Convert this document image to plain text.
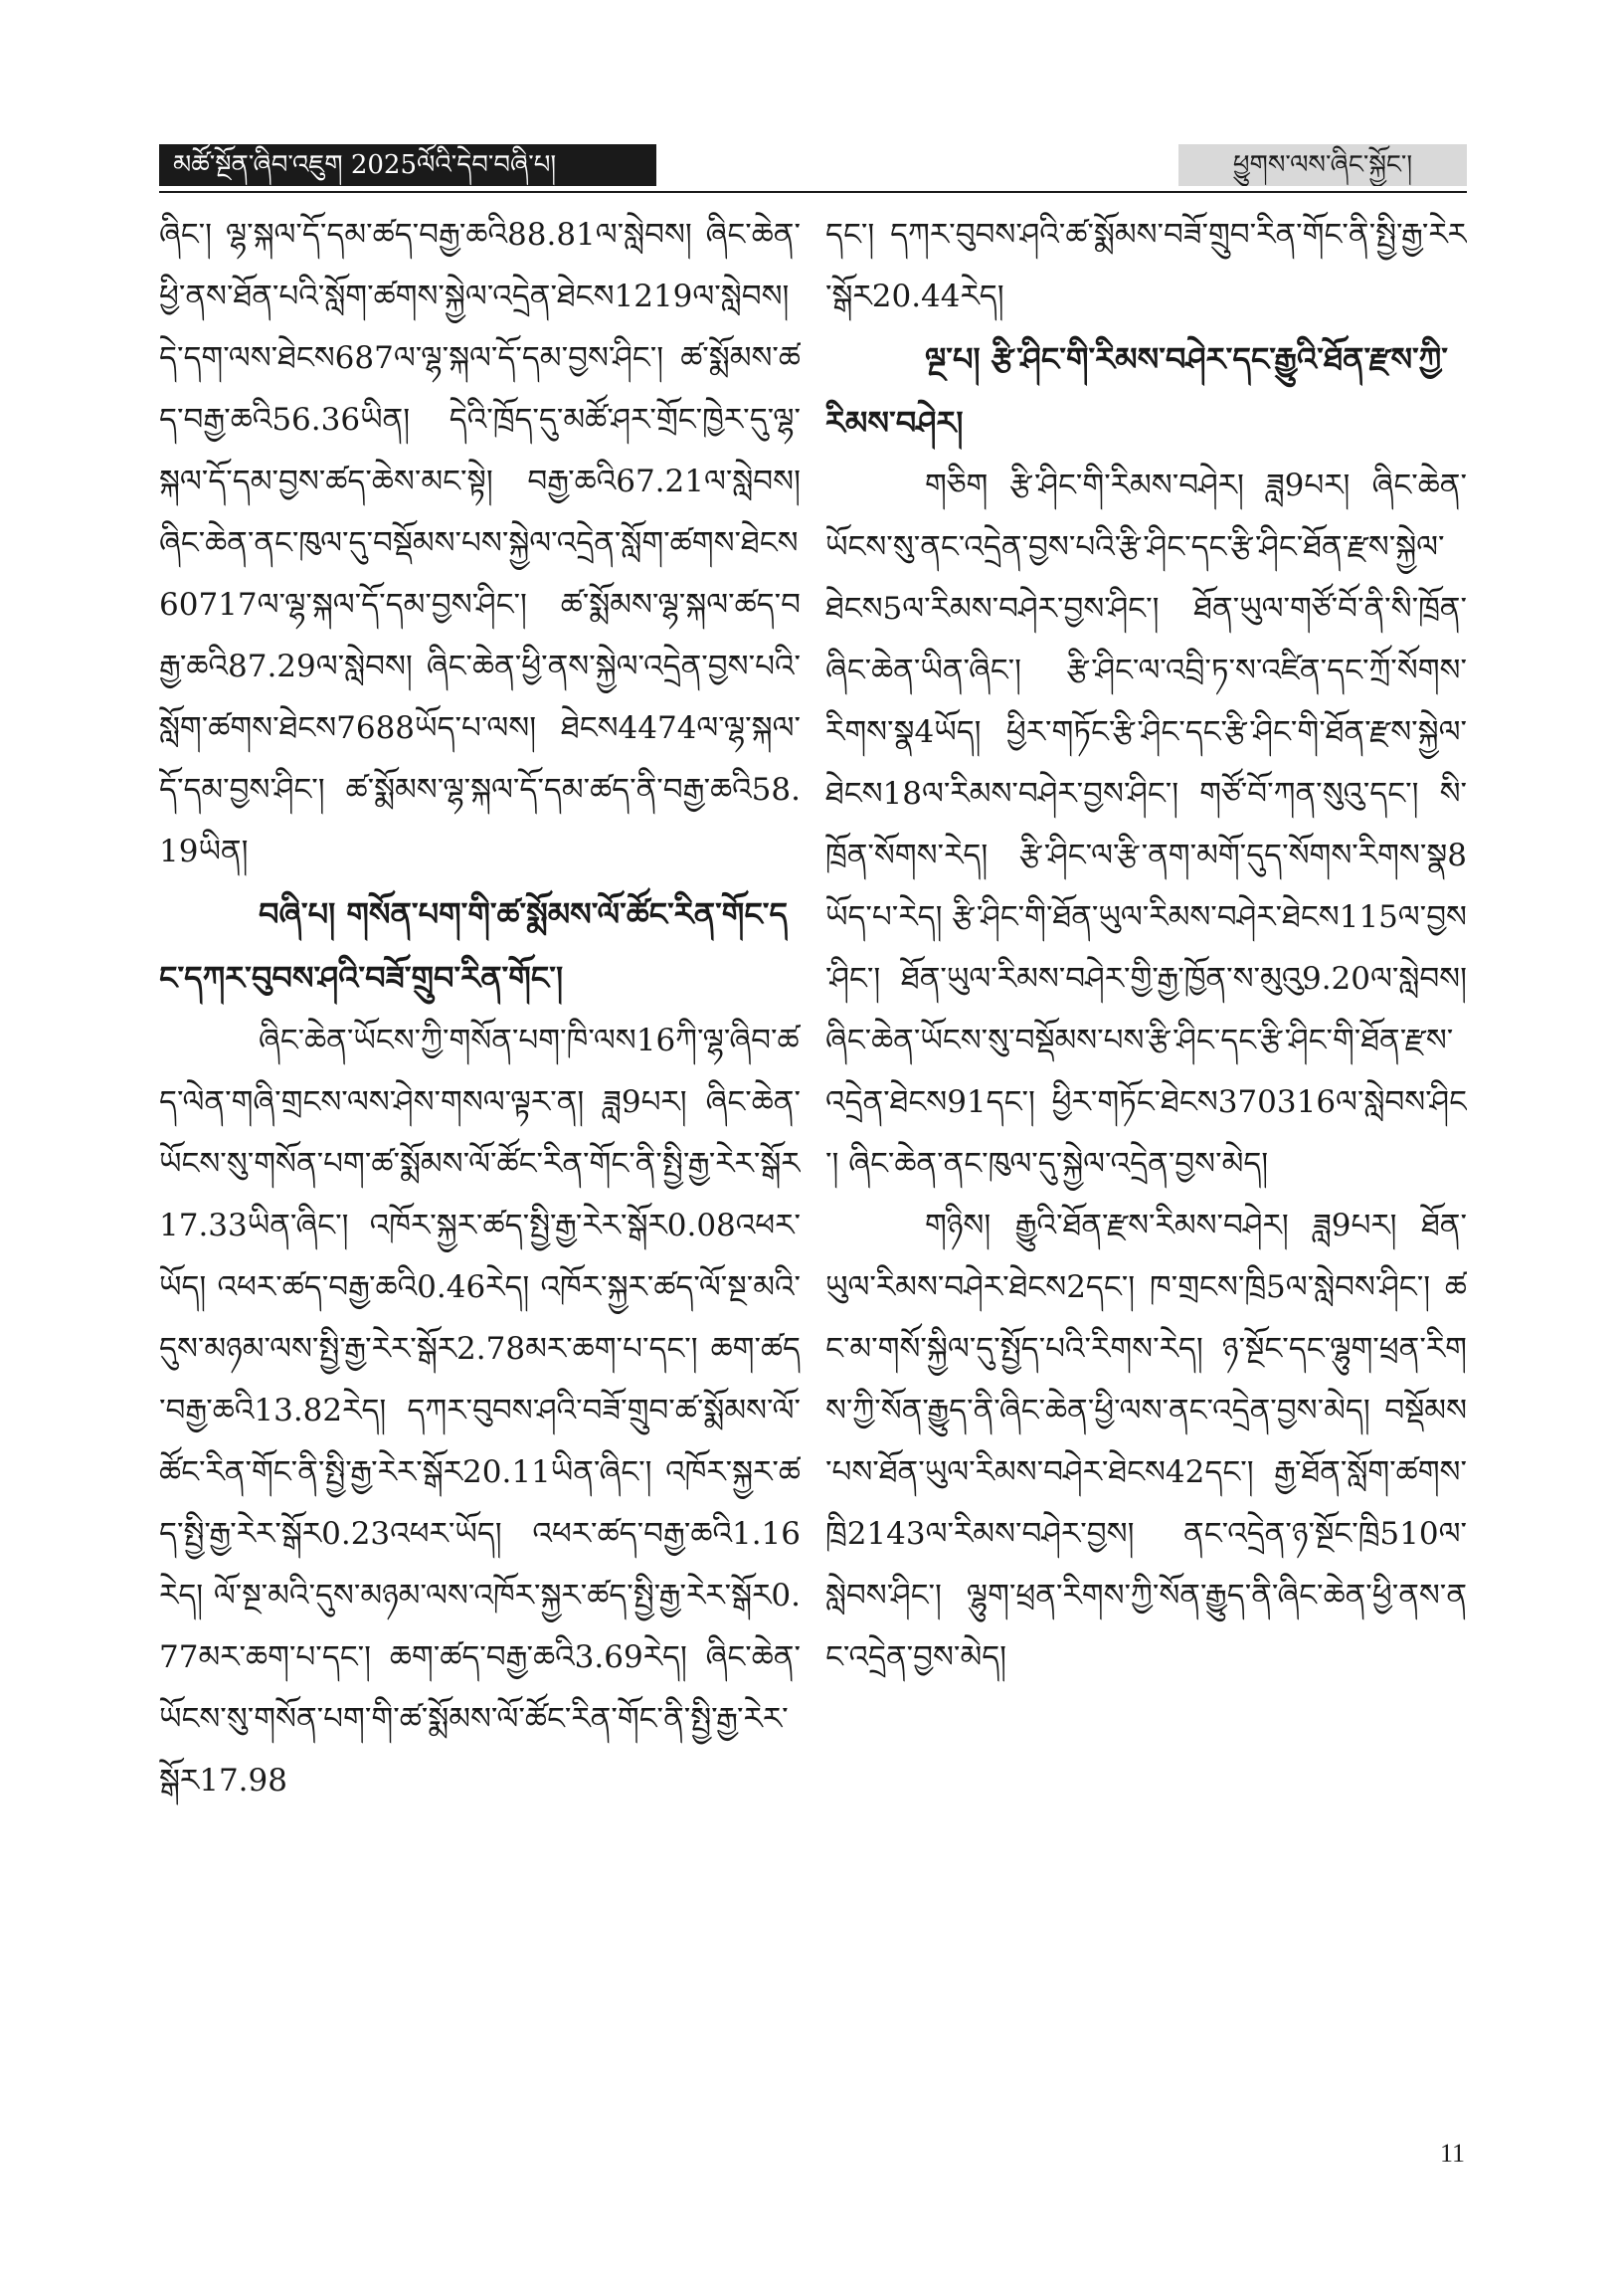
མཚོ་སྔོན་ཞིབ་འཇུག 2025ལོའི་དེབ་བཞི་པ།	ཕྱུགས་ལས་ཞིང་སྐྱོང་།

ཞིང་། ལྷ་སྐལ་དོ་དམ་ཚད་བརྒྱ་ཆའི88.81ལ་སླེབས། ཞིང་ཆེན་ཕྱི་ནས་ཐོན་པའི་སློག་ཚགས་སྐྱེལ་འདྲེན་ཐེངས1219ལ་སླེབས། དེ་དག་ལས་ཐེངས687ལ་ལྷ་སྐལ་དོ་དམ་བྱས་ཤིང་། ཚ་སྨོམས་ཚད་བརྒྱ་ཆའི56.36ཡིན། དེའི་ཁྲོད་དུ་མཚོ་ཤར་གྲོང་ཁྱེར་དུ་ལྷ་སྐལ་དོ་དམ་བྱས་ཚད་ཆེས་མང་སྟེ། བརྒྱ་ཆའི67.21ལ་སླེབས། ཞིང་ཆེན་ནང་ཁུལ་དུ་བསྡོམས་པས་སྐྱེལ་འདྲེན་སློག་ཚགས་ཐེངས60717ལ་ལྷ་སྐལ་དོ་དམ་བྱས་ཤིང་། ཚ་སྨོམས་ལྷ་སྐལ་ཚད་བརྒྱ་ཆའི87.29ལ་སླེབས། ཞིང་ཆེན་ཕྱི་ནས་སྐྱེལ་འདྲེན་བྱས་པའི་སློག་ཚགས་ཐེངས7688ཡོད་པ་ལས། ཐེངས4474ལ་ལྷ་སྐལ་དོ་དམ་བྱས་ཤིང་། ཚ་སྨོམས་ལྷ་སྐལ་དོ་དམ་ཚད་ནི་བརྒྱ་ཆའི58.19ཡིན།

བཞི་པ། གསོན་པག་གི་ཚ་སྨོམས་ལོ་ཚོང་རིན་གོང་དང་དཀར་བུབས་ཤའི་བཟོ་གྲུབ་རིན་གོང་།

ཞིང་ཆེན་ཡོངས་ཀྱི་གསོན་པག་ཁི་ལས16ཀི་ལྷ་ཞིབ་ཚད་ལེན་གཞི་གྲངས་ལས་ཤེས་གསལ་ལྟར་ན། ཟླ9པར། ཞིང་ཆེན་ཡོངས་སུ་གསོན་པག་ཚ་སྨོམས་ལོ་ཚོང་རིན་གོང་ནི་སྤྱི་རྒྱ་རེར་སྒོར17.33ཡིན་ཞིང་། འཁོར་སྐྱར་ཚད་སྤྱི་རྒྱ་རེར་སྒོར0.08འཕར་ཡོད། འཕར་ཚད་བརྒྱ་ཆའི0.46རེད། འཁོར་སྐྱར་ཚད་ལོ་སྔ་མའི་དུས་མཉམ་ལས་སྤྱི་རྒྱ་རེར་སྒོར2.78མར་ཆག་པ་དང་། ཆག་ཚད་བརྒྱ་ཆའི13.82རེད། དཀར་བུབས་ཤའི་བཟོ་གྲུབ་ཚ་སྨོམས་ལོ་ཚོང་རིན་གོང་ནི་སྤྱི་རྒྱ་རེར་སྒོར20.11ཡིན་ཞིང་། འཁོར་སྐྱར་ཚད་སྤྱི་རྒྱ་རེར་སྒོར0.23འཕར་ཡོད། འཕར་ཚད་བརྒྱ་ཆའི1.16རེད། ལོ་སྔ་མའི་དུས་མཉམ་ལས་འཁོར་སྐྱར་ཚད་སྤྱི་རྒྱ་རེར་སྒོར0.77མར་ཆག་པ་དང་། ཆག་ཚད་བརྒྱ་ཆའི3.69རེད། ཞིང་ཆེན་ཡོངས་སུ་གསོན་པག་གི་ཚ་སྨོམས་ལོ་ཚོང་རིན་གོང་ནི་སྤྱི་རྒྱ་རེར་སྒོར17.98

དང་། དཀར་བུབས་ཤའི་ཚ་སྨོམས་བཟོ་གྲུབ་རིན་གོང་ནི་སྤྱི་རྒྱ་རེར་སྒོར20.44རེད།

ལྔ་པ། རྩི་ཤིང་གི་རིམས་བཤེར་དང་རྒྱུའི་ཐོན་རྫས་ཀྱི་རིམས་བཤེར།

གཅིག རྩི་ཤིང་གི་རིམས་བཤེར། ཟླ9པར། ཞིང་ཆེན་ཡོངས་སུ་ནང་འདྲེན་བྱས་པའི་རྩི་ཤིང་དང་རྩི་ཤིང་ཐོན་རྫས་སྐྱེལ་ཐེངས5ལ་རིམས་བཤེར་བྱས་ཤིང་། ཐོན་ཡུལ་གཙོ་བོ་ནི་སི་ཁྲོན་ཞིང་ཆེན་ཡིན་ཞིང་། རྩི་ཤིང་ལ་འབྲི་ཏ་ས་འཛིན་དང་ཀྲོ་སོགས་རིགས་སྣ4ཡོད། ཕྱིར་གཏོང་རྩི་ཤིང་དང་རྩི་ཤིང་གི་ཐོན་རྫས་སྐྱེལ་ཐེངས18ལ་རིམས་བཤེར་བྱས་ཤིང་། གཙོ་བོ་ཀན་སུའུ་དང་། སི་ཁྲོན་སོགས་རེད། རྩི་ཤིང་ལ་རྩི་ནག་མགོ་དུད་སོགས་རིགས་སྣ8ཡོད་པ་རེད། རྩི་ཤིང་གི་ཐོན་ཡུལ་རིམས་བཤེར་ཐེངས115ལ་བྱས་ཤིང་། ཐོན་ཡུལ་རིམས་བཤེར་གྱི་རྒྱ་ཁྱོན་ས་མུའུ9.20ལ་སླེབས། ཞིང་ཆེན་ཡོངས་སུ་བསྡོམས་པས་རྩི་ཤིང་དང་རྩི་ཤིང་གི་ཐོན་རྫས་འདྲེན་ཐེངས91དང་། ཕྱིར་གཏོང་ཐེངས370316ལ་སླེབས་ཤིང་། ཞིང་ཆེན་ནང་ཁུལ་དུ་སྐྱེལ་འདྲེན་བྱས་མེད།

གཉིས། རྒྱུའི་ཐོན་རྫས་རིམས་བཤེར། ཟླ9པར། ཐོན་ཡུལ་རིམས་བཤེར་ཐེངས2དང་། ཁ་གྲངས་ཁྲི5ལ་སླེབས་ཤིང་། ཚང་མ་གསོ་སྐྱིལ་དུ་སྤྱོད་པའི་རིགས་རེད། ཉ་སྔོང་དང་ལྷུག་ཕྲན་རིགས་ཀྱི་སོན་རྒྱུད་ནི་ཞིང་ཆེན་ཕྱི་ལས་ནང་འདྲེན་བྱས་མེད། བསྡོམས་པས་ཐོན་ཡུལ་རིམས་བཤེར་ཐེངས42དང་། རྒྱ་ཐོན་སློག་ཚགས་ཁྲི2143ལ་རིམས་བཤེར་བྱས། ནང་འདྲེན་ཉ་སྔོང་ཁྲི510ལ་སླེབས་ཤིང་། ལྷུག་ཕྲན་རིགས་ཀྱི་སོན་རྒྱུད་ནི་ཞིང་ཆེན་ཕྱི་ནས་ནང་འདྲེན་བྱས་མེད།

11
